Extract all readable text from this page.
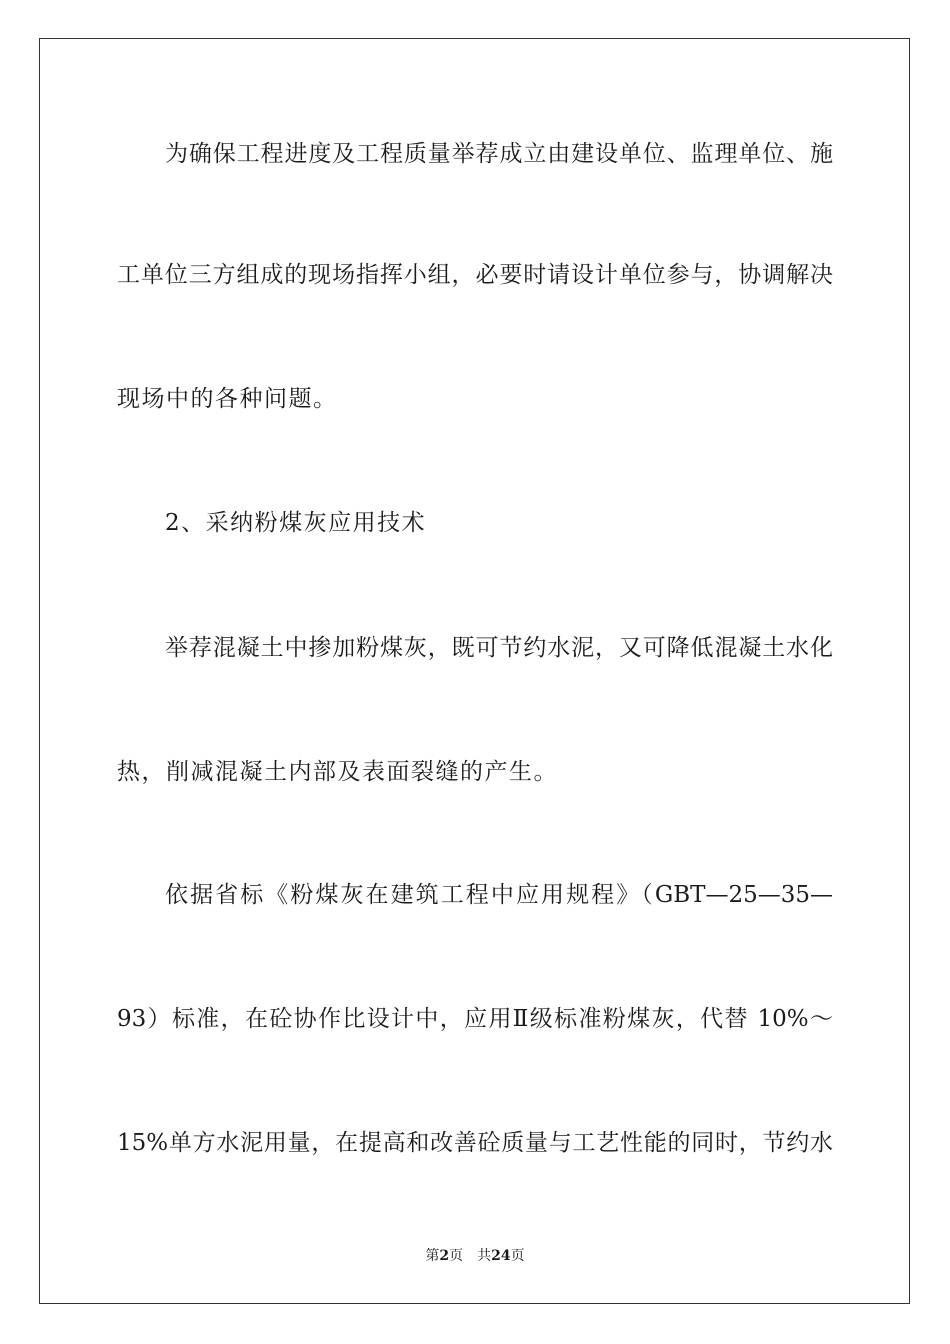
为确保工程进度及工程质量举荐成立由建设单位、监理单位、施
工单位三方组成的现场指挥小组，必要时请设计单位参与，协调解决
现场中的各种问题。
2、采纳粉煤灰应用技术
举荐混凝土中掺加粉煤灰，既可节约水泥，又可降低混凝土水化
热，削减混凝土内部及表面裂缝的产生。
依据省标《粉煤灰在建筑工程中应用规程》（GBT—25—35—
93）标准，在砼协作比设计中，应用Ⅱ级标准粉煤灰，代替 10%～
15%单方水泥用量，在提高和改善砼质量与工艺性能的同时，节约水
第2页 共24页
